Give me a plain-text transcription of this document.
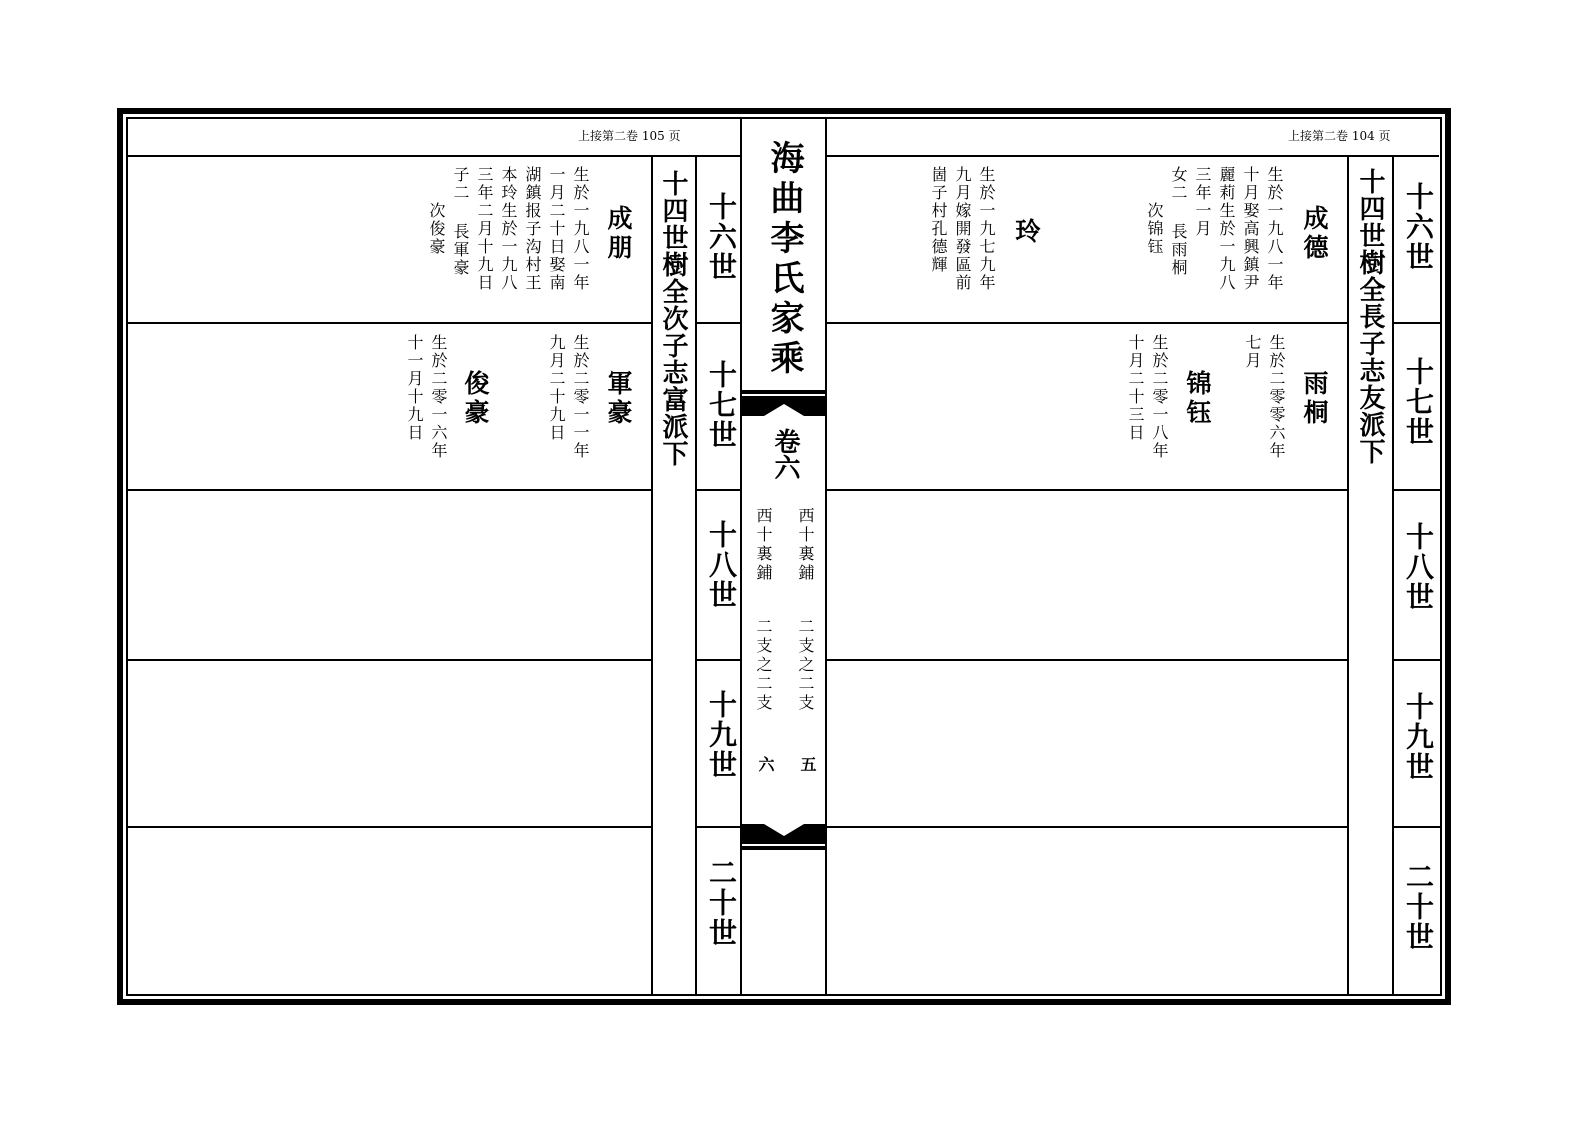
上接第二卷 105 页	上接第二卷 104 页
十四世樹全次子志富派下	十四世樹全長子志友派下
十六世
十七世
十八世
十九世
二十世
十六世
十七世
十八世
十九世
二十世
海曲李氏家乘
卷六
西十裏鋪
二支之二支
五
西十裏鋪
二支之二支
六
成朋
生於一九八一年
一月二十日娶南
湖鎮报子沟村王
本玲生於一九八
三年二月十九日
子二 長軍豪
　　次俊豪
軍豪
生於二零一一年
九月二十九日
俊豪
生於二零一六年
十一月十九日
成德
生於一九八一年
十月娶高興鎮尹
麗莉生於一九八
三年一月
女二 長雨桐
　　次锦钰
玲
生於一九七九年
九月嫁開發區前
崮子村孔德輝
雨桐
生於二零零六年
七月
锦钰
生於二零一八年
十月二十三日
